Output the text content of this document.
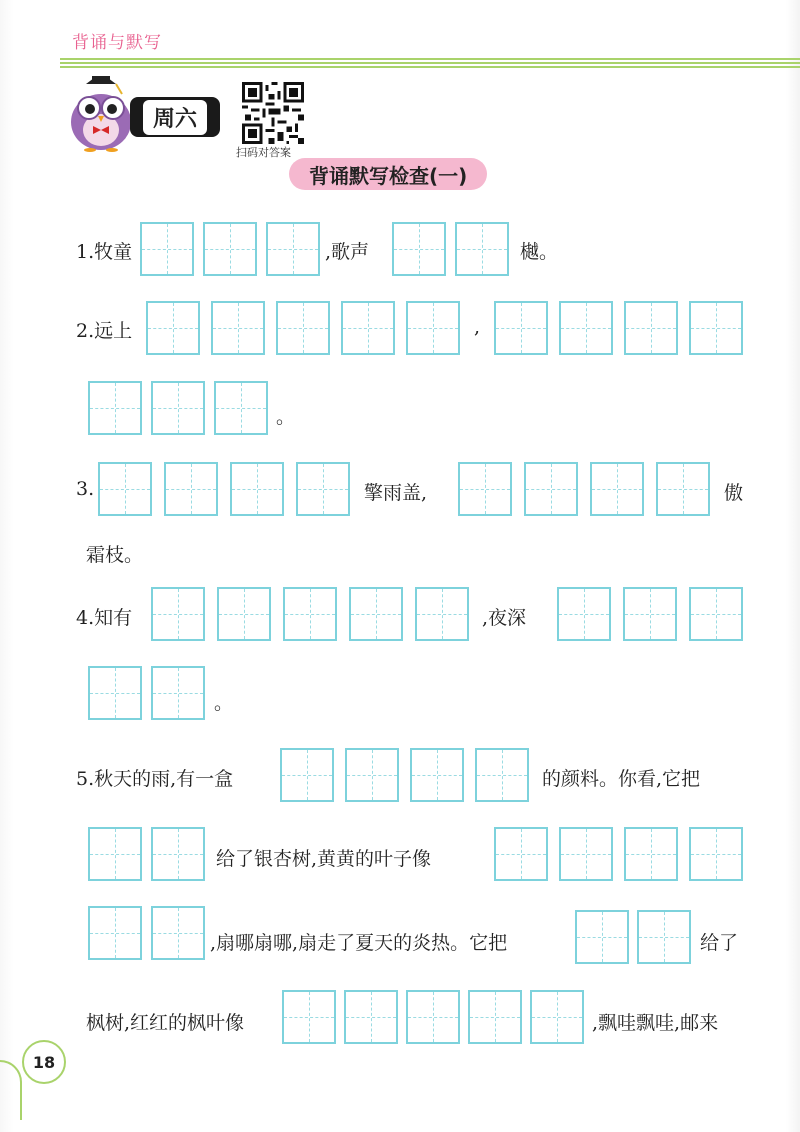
背诵与默写
周六
扫码对答案
背诵默写检查(一)
1.牧童	,歌声	樾。
2.远上	,
。
3.	擎雨盖,	傲
霜枝。
4.知有	,夜深
。
5.秋天的雨,有一盒	的颜料。你看,它把
给了银杏树,黄黄的叶子像
,扇哪扇哪,扇走了夏天的炎热。它把	给了
枫树,红红的枫叶像	,飘哇飘哇,邮来
18
